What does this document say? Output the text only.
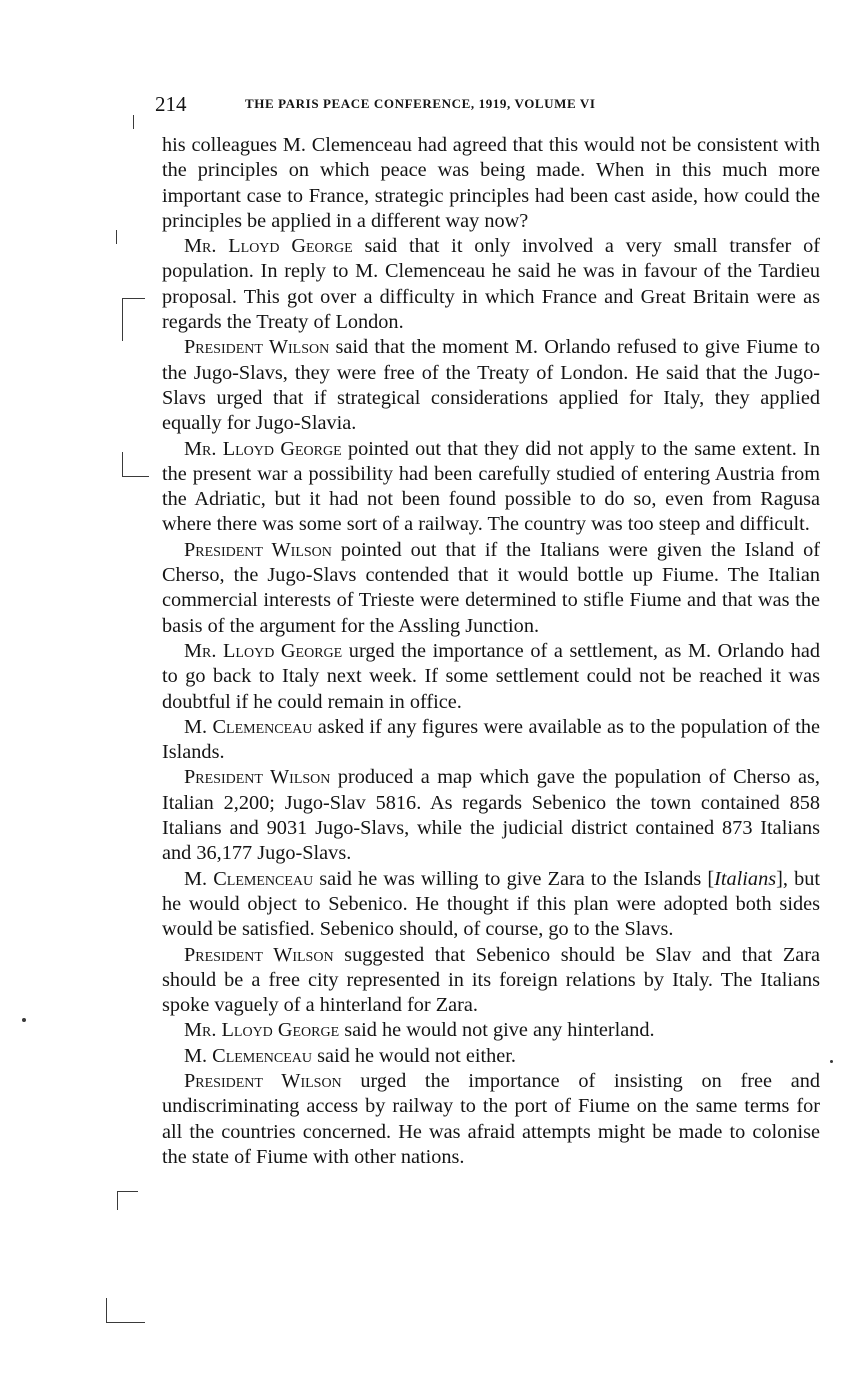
214	THE PARIS PEACE CONFERENCE, 1919, VOLUME VI

his colleagues M. Clemenceau had agreed that this would not be consistent with the principles on which peace was being made. When in this much more important case to France, strategic principles had been cast aside, how could the principles be applied in a different way now?

Mr. Lloyd George said that it only involved a very small transfer of population. In reply to M. Clemenceau he said he was in favour of the Tardieu proposal. This got over a difficulty in which France and Great Britain were as regards the Treaty of London.

President Wilson said that the moment M. Orlando refused to give Fiume to the Jugo-Slavs, they were free of the Treaty of London. He said that the Jugo-Slavs urged that if strategical considerations applied for Italy, they applied equally for Jugo-Slavia.

Mr. Lloyd George pointed out that they did not apply to the same extent. In the present war a possibility had been carefully studied of entering Austria from the Adriatic, but it had not been found possible to do so, even from Ragusa where there was some sort of a railway. The country was too steep and difficult.

President Wilson pointed out that if the Italians were given the Island of Cherso, the Jugo-Slavs contended that it would bottle up Fiume. The Italian commercial interests of Trieste were determined to stifle Fiume and that was the basis of the argument for the Assling Junction.

Mr. Lloyd George urged the importance of a settlement, as M. Orlando had to go back to Italy next week. If some settlement could not be reached it was doubtful if he could remain in office.

M. Clemenceau asked if any figures were available as to the population of the Islands.

President Wilson produced a map which gave the population of Cherso as, Italian 2,200; Jugo-Slav 5816. As regards Sebenico the town contained 858 Italians and 9031 Jugo-Slavs, while the judicial district contained 873 Italians and 36,177 Jugo-Slavs.

M. Clemenceau said he was willing to give Zara to the Islands [Italians], but he would object to Sebenico. He thought if this plan were adopted both sides would be satisfied. Sebenico should, of course, go to the Slavs.

President Wilson suggested that Sebenico should be Slav and that Zara should be a free city represented in its foreign relations by Italy. The Italians spoke vaguely of a hinterland for Zara.

Mr. Lloyd George said he would not give any hinterland.

M. Clemenceau said he would not either.

President Wilson urged the importance of insisting on free and undiscriminating access by railway to the port of Fiume on the same terms for all the countries concerned. He was afraid attempts might be made to colonise the state of Fiume with other nations.
